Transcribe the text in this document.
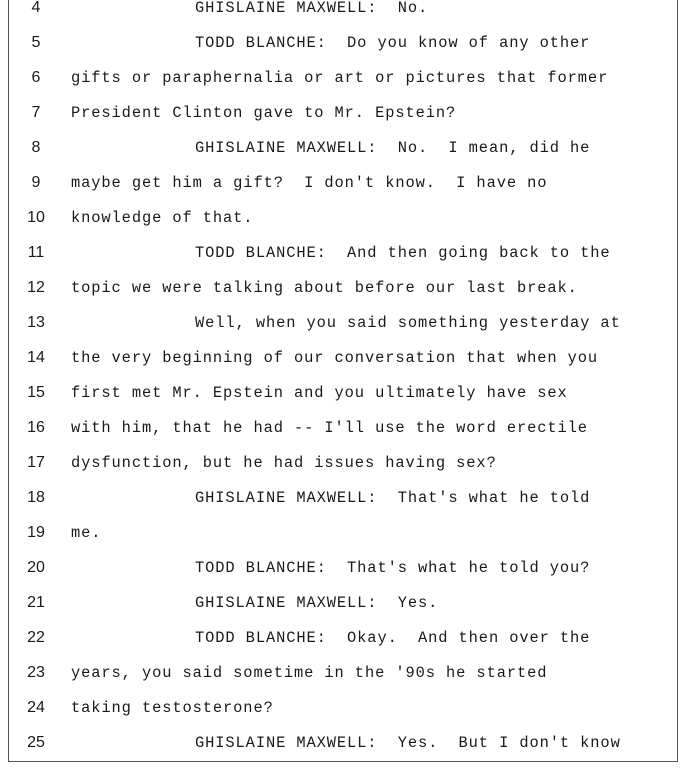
4	GHISLAINE MAXWELL:  No.
5	TODD BLANCHE:  Do you know of any other
6	gifts or paraphernalia or art or pictures that former
7	President Clinton gave to Mr. Epstein?
8	GHISLAINE MAXWELL:  No.  I mean, did he
9	maybe get him a gift?  I don't know.  I have no
10	knowledge of that.
11	TODD BLANCHE:  And then going back to the
12	topic we were talking about before our last break.
13	Well, when you said something yesterday at
14	the very beginning of our conversation that when you
15	first met Mr. Epstein and you ultimately have sex
16	with him, that he had -- I'll use the word erectile
17	dysfunction, but he had issues having sex?
18	GHISLAINE MAXWELL:  That's what he told
19	me.
20	TODD BLANCHE:  That's what he told you?
21	GHISLAINE MAXWELL:  Yes.
22	TODD BLANCHE:  Okay.  And then over the
23	years, you said sometime in the '90s he started
24	taking testosterone?
25	GHISLAINE MAXWELL:  Yes.  But I don't know
